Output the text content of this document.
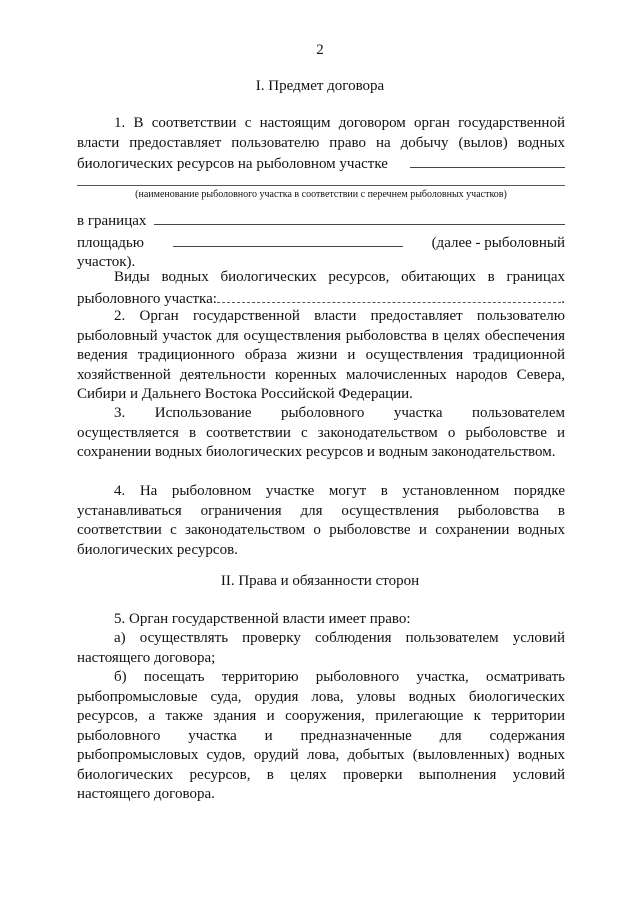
2
I. Предмет договора
1. В соответствии с настоящим договором орган государственной
власти предоставляет пользователю право на добычу (вылов) водных
биологических ресурсов на рыболовном участке
(наименование рыболовного участка в соответствии с перечнем рыболовных участков)
в границах
площадью	(далее - рыболовный
участок).
Виды водных биологических ресурсов, обитающих в границах
рыболовного участка:	.
2. Орган государственной власти предоставляет пользователю рыболовный участок для осуществления рыболовства в целях обеспечения ведения традиционного образа жизни и осуществления традиционной хозяйственной деятельности коренных малочисленных народов Севера, Сибири и Дальнего Востока Российской Федерации.
3. Использование рыболовного участка пользователем осуществляется в соответствии с законодательством о рыболовстве и сохранении водных биологических ресурсов и водным законодательством.
4. На рыболовном участке могут в установленном порядке устанавливаться ограничения для осуществления рыболовства в соответствии с законодательством о рыболовстве и сохранении водных биологических ресурсов.
II. Права и обязанности сторон
5. Орган государственной власти имеет право:
а) осуществлять проверку соблюдения пользователем условий настоящего договора;
б) посещать территорию рыболовного участка, осматривать рыбопромысловые суда, орудия лова, уловы водных биологических ресурсов, а также здания и сооружения, прилегающие к территории рыболовного участка и предназначенные для содержания рыбопромысловых судов, орудий лова, добытых (выловленных) водных биологических ресурсов, в целях проверки выполнения условий настоящего договора.
